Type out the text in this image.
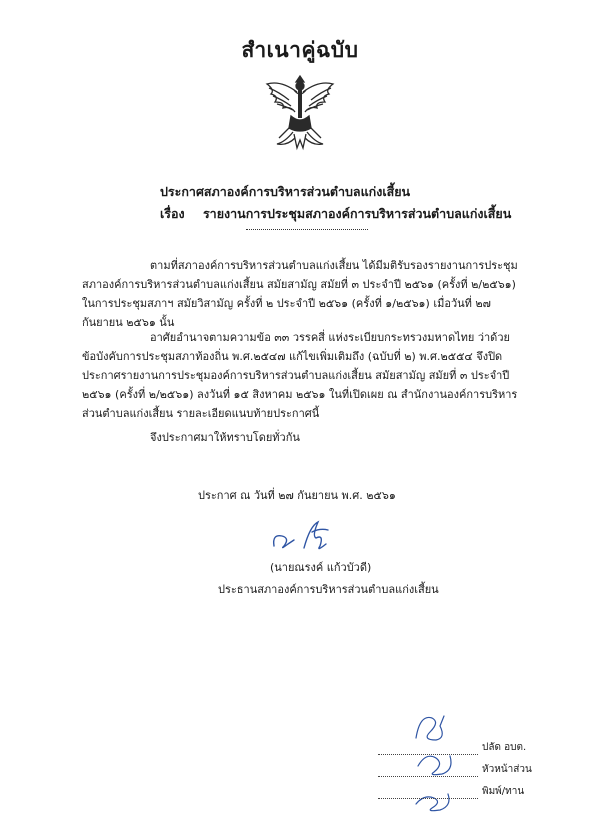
สำเนาคู่ฉบับ
ประกาศสภาองค์การบริหารส่วนตำบลแก่งเสี้ยน
เรื่อง รายงานการประชุมสภาองค์การบริหารส่วนตำบลแก่งเสี้ยน
ตามที่สภาองค์การบริหารส่วนตำบลแก่งเสี้ยน ได้มีมติรับรองรายงานการประชุมสภาองค์การบริหารส่วนตำบลแก่งเสี้ยน สมัยสามัญ สมัยที่ ๓ ประจำปี ๒๕๖๑ (ครั้งที่ ๒/๒๕๖๑) ในการประชุมสภาฯ สมัยวิสามัญ ครั้งที่ ๒ ประจำปี ๒๕๖๑ (ครั้งที่ ๑/๒๕๖๑) เมื่อวันที่ ๒๗ กันยายน ๒๕๖๑ นั้น
อาศัยอำนาจตามความข้อ ๓๓ วรรคสี่ แห่งระเบียบกระทรวงมหาดไทย ว่าด้วยข้อบังคับการประชุมสภาท้องถิ่น พ.ศ.๒๕๔๗ แก้ไขเพิ่มเติมถึง (ฉบับที่ ๒) พ.ศ.๒๕๕๔ จึงปิดประกาศรายงานการประชุมองค์การบริหารส่วนตำบลแก่งเสี้ยน สมัยสามัญ สมัยที่ ๓ ประจำปี ๒๕๖๑ (ครั้งที่ ๒/๒๕๖๑) ลงวันที่ ๑๕ สิงหาคม ๒๕๖๑ ในที่เปิดเผย ณ สำนักงานองค์การบริหารส่วนตำบลแก่งเสี้ยน รายละเอียดแนบท้ายประกาศนี้
จึงประกาศมาให้ทราบโดยทั่วกัน
ประกาศ ณ วันที่ ๒๗ กันยายน พ.ศ. ๒๕๖๑
(นายณรงค์ แก้วบัวดี)
ประธานสภาองค์การบริหารส่วนตำบลแก่งเสี้ยน
ปลัด อบต.
หัวหน้าส่วน
พิมพ์/ทาน
